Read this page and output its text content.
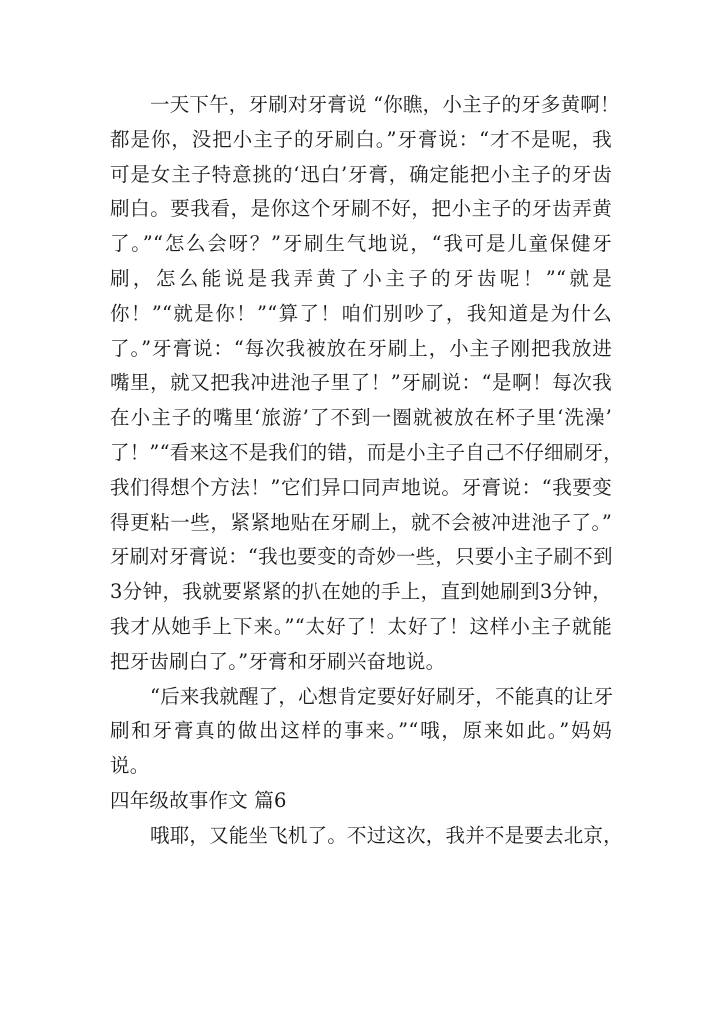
一天下午，牙刷对牙膏说 “你瞧，小主子的牙多黄啊！
都是你，没把小主子的牙刷白。”牙膏说：“才不是呢，我
可是女主子特意挑的‘迅白’牙膏，确定能把小主子的牙齿
刷白。要我看，是你这个牙刷不好，把小主子的牙齿弄黄
了。”“怎么会呀？”牙刷生气地说，“我可是儿童保健牙
刷，怎么能说是我弄黄了小主子的牙齿呢！”“就是
你！”“就是你！”“算了！咱们别吵了，我知道是为什么
了。”牙膏说：“每次我被放在牙刷上，小主子刚把我放进
嘴里，就又把我冲进池子里了！”牙刷说：“是啊！每次我
在小主子的嘴里‘旅游’了不到一圈就被放在杯子里‘洗澡’
了！”“看来这不是我们的错，而是小主子自己不仔细刷牙，
我们得想个方法！”它们异口同声地说。牙膏说：“我要变
得更粘一些，紧紧地贴在牙刷上，就不会被冲进池子了。”
牙刷对牙膏说：“我也要变的奇妙一些，只要小主子刷不到
3分钟，我就要紧紧的扒在她的手上，直到她刷到3分钟，
我才从她手上下来。”“太好了！太好了！这样小主子就能
把牙齿刷白了。”牙膏和牙刷兴奋地说。
“后来我就醒了，心想肯定要好好刷牙，不能真的让牙
刷和牙膏真的做出这样的事来。”“哦，原来如此。”妈妈
说。
四年级故事作文 篇6
哦耶，又能坐飞机了。不过这次，我并不是要去北京，
